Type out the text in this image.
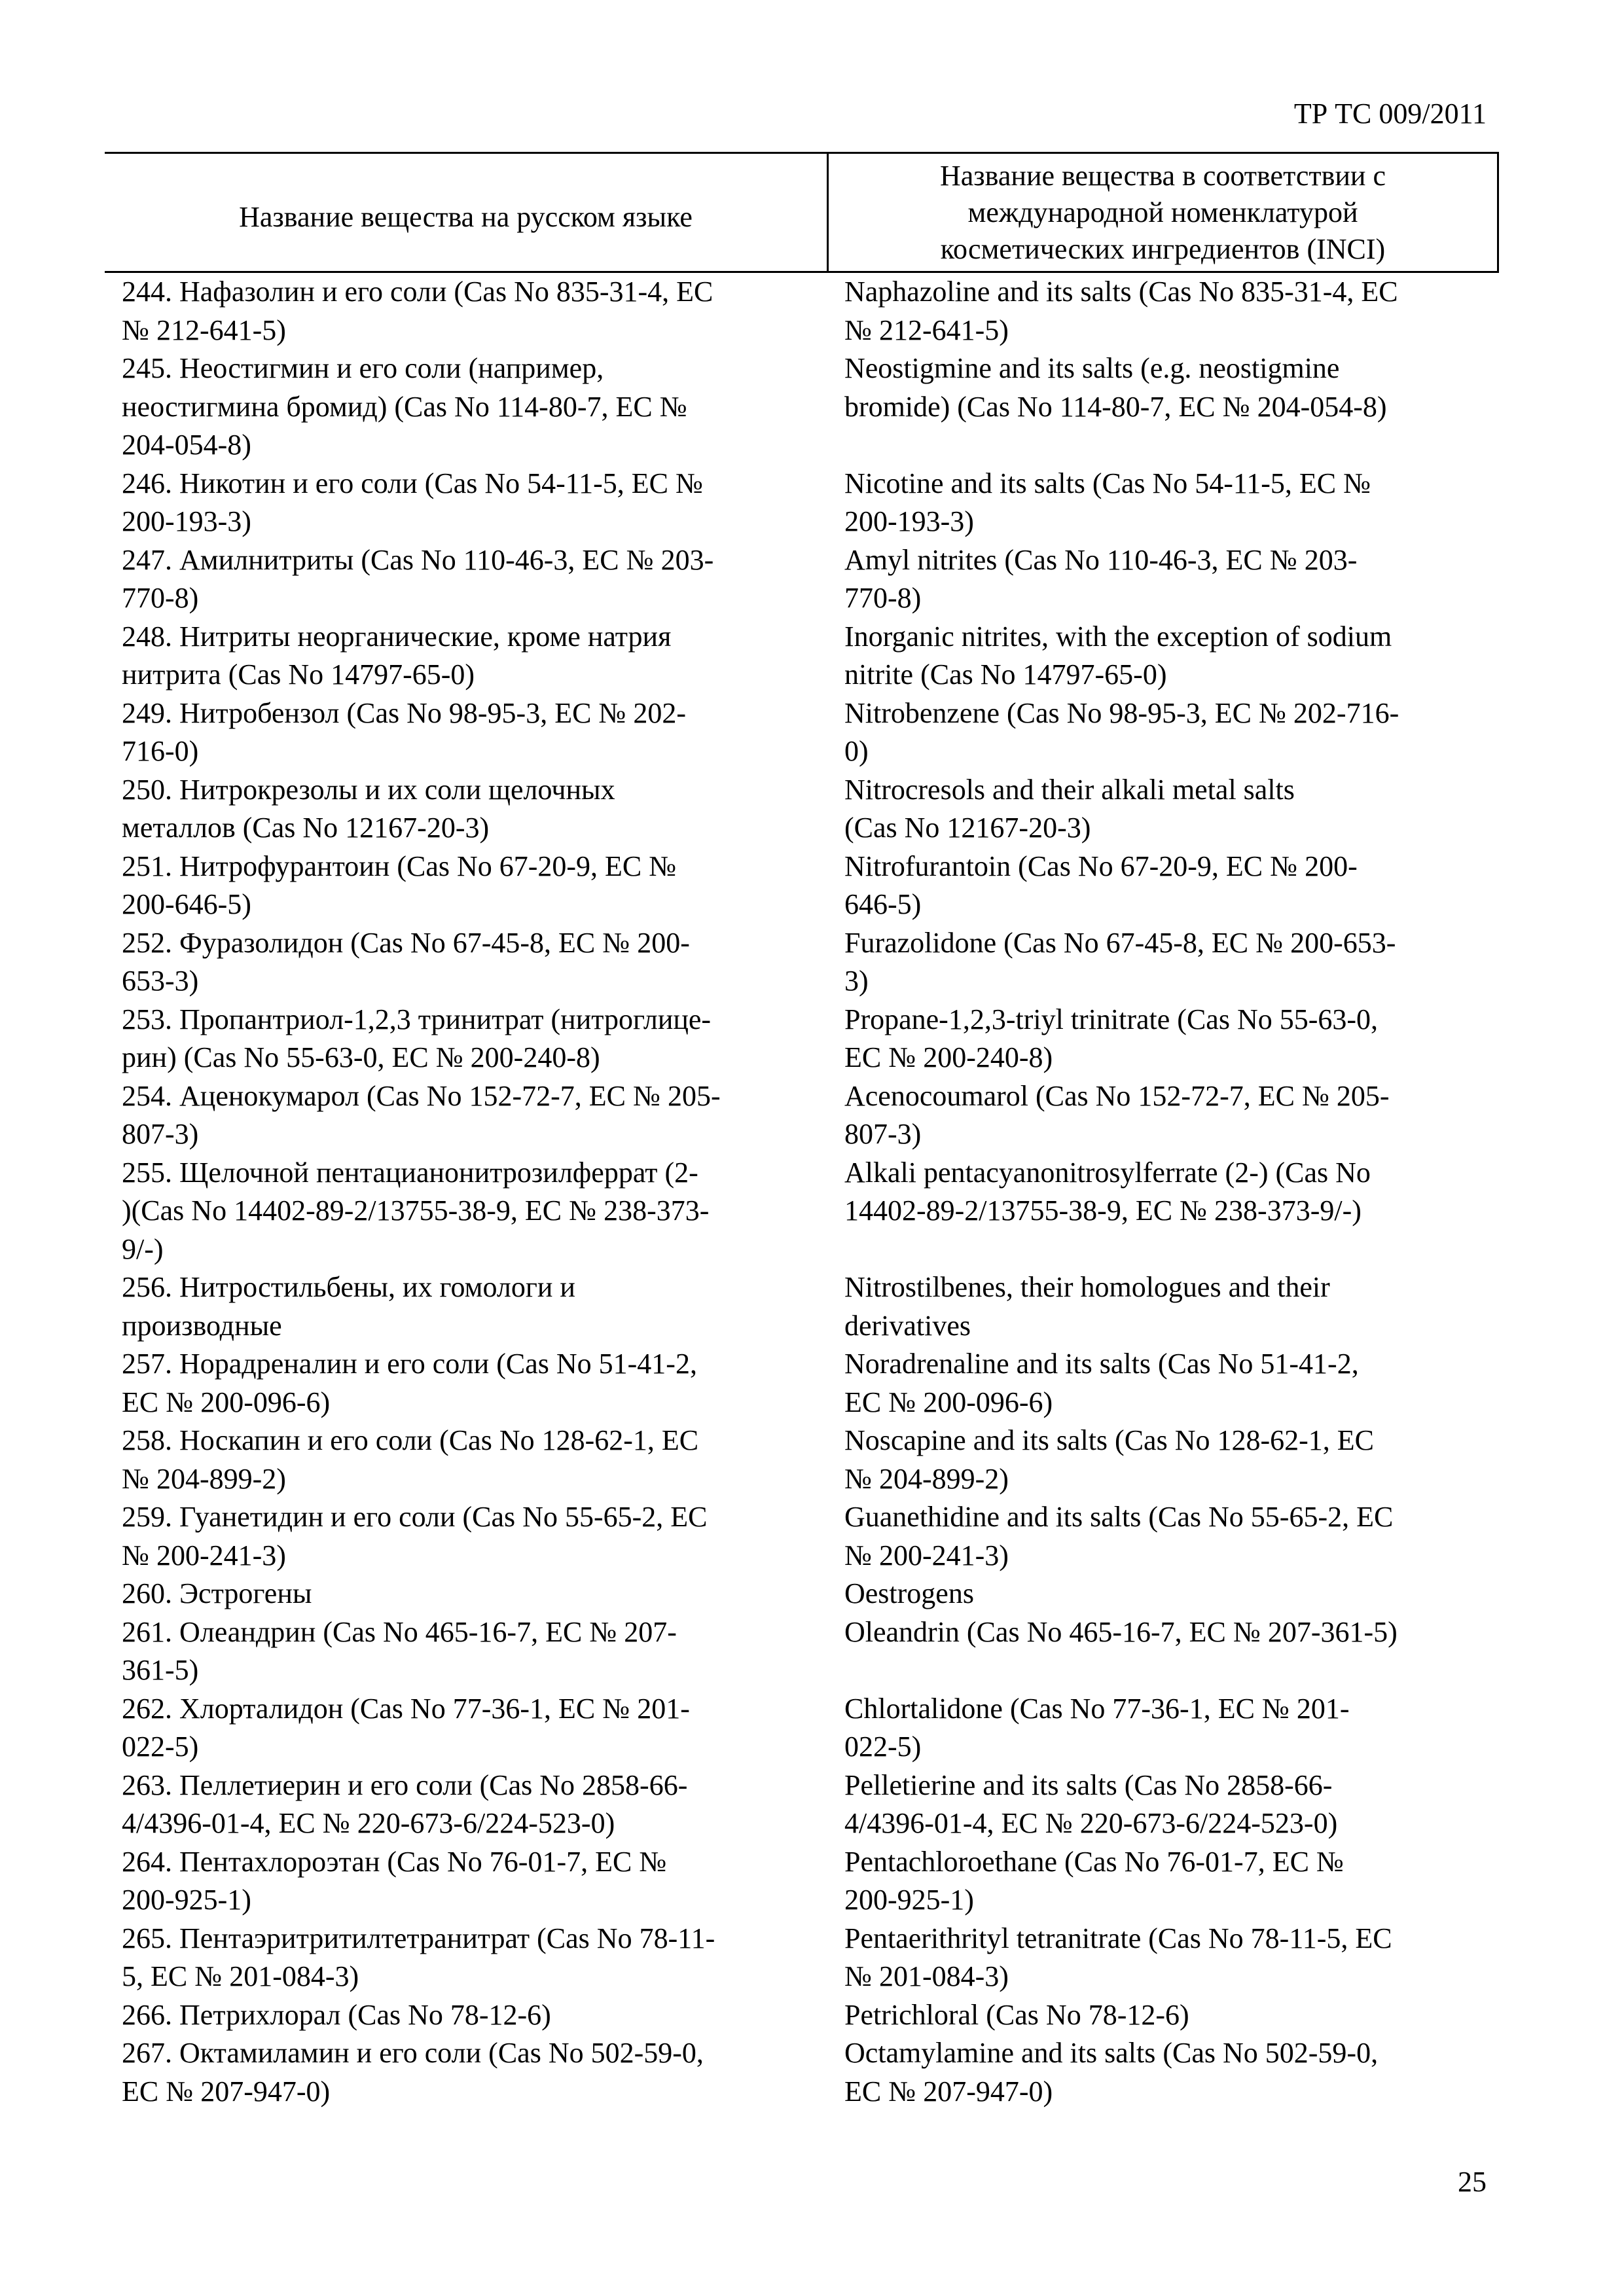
ТР ТС 009/2011
Название вещества на русском языке
Название вещества в соответствии с
международной номенклатурой
косметических ингредиентов (INCI)
244. Нафазолин и его соли (Cas No 835-31-4, ЕС
№ 212-641-5)
Naphazoline and its salts (Cas No 835-31-4, EC
№ 212-641-5)
245. Неостигмин и его соли (например,
неостигмина бромид) (Cas No 114-80-7, ЕС №
204-054-8)
Neostigmine and its salts (e.g. neostigmine
bromide) (Cas No 114-80-7, EC № 204-054-8)
246. Никотин и его соли (Cas No 54-11-5, ЕС №
200-193-3)
Nicotine and its salts (Cas No 54-11-5, EC №
200-193-3)
247. Амилнитриты (Cas No 110-46-3, ЕС № 203-
770-8)
Amyl nitrites (Cas No 110-46-3, EC № 203-
770-8)
248. Нитриты неорганические, кроме натрия
нитрита (Cas No 14797-65-0)
Inorganic nitrites, with the exception of sodium
nitrite (Cas No 14797-65-0)
249. Нитробензол (Cas No 98-95-3, ЕС № 202-
716-0)
Nitrobenzene (Cas No 98-95-3, EC № 202-716-
0)
250. Нитрокрезолы и их соли щелочных
металлов (Cas No 12167-20-3)
Nitrocresols and their alkali metal salts
(Cas No 12167-20-3)
251. Нитрофурантоин (Cas No 67-20-9, ЕС №
200-646-5)
Nitrofurantoin (Cas No 67-20-9, EC № 200-
646-5)
252. Фуразолидон (Cas No 67-45-8, ЕС № 200-
653-3)
Furazolidone (Cas No 67-45-8, EC № 200-653-
3)
253. Пропантриол-1,2,3 тринитрат (нитроглице-
рин) (Cas No 55-63-0, ЕС № 200-240-8)
Propane-1,2,3-triyl trinitrate (Cas No 55-63-0,
EC № 200-240-8)
254. Аценокумарол (Cas No 152-72-7, ЕС № 205-
807-3)
Acenocoumarol (Cas No 152-72-7, EC № 205-
807-3)
255. Щелочной пентацианонитрозилферрат (2-
)(Cas No 14402-89-2/13755-38-9, ЕС № 238-373-
9/-)
Alkali pentacyanonitrosylferrate (2-) (Cas No
14402-89-2/13755-38-9, EC № 238-373-9/-)
256. Нитростильбены, их гомологи и
производные
Nitrostilbenes, their homologues and their
derivatives
257. Норадреналин и его соли (Cas No 51-41-2,
ЕС № 200-096-6)
Noradrenaline and its salts (Cas No 51-41-2,
EC № 200-096-6)
258. Носкапин и его соли (Cas No 128-62-1, ЕС
№ 204-899-2)
Noscapine and its salts (Cas No 128-62-1, EC
№ 204-899-2)
259. Гуанетидин и его соли (Cas No 55-65-2, ЕС
№ 200-241-3)
Guanethidine and its salts (Cas No 55-65-2, EC
№ 200-241-3)
260. Эстрогены	Oestrogens
261. Олеандрин (Cas No 465-16-7, ЕС № 207-
361-5)
Oleandrin (Cas No 465-16-7, EC № 207-361-5)
262. Хлорталидон (Cas No 77-36-1, ЕС № 201-
022-5)
Chlortalidone (Cas No 77-36-1, EC № 201-
022-5)
263. Пеллетиерин и его соли (Cas No 2858-66-
4/4396-01-4, ЕС № 220-673-6/224-523-0)
Pelletierine and its salts (Cas No 2858-66-
4/4396-01-4, EC № 220-673-6/224-523-0)
264. Пентахлороэтан (Cas No 76-01-7, ЕС №
200-925-1)
Pentachloroethane (Cas No 76-01-7, EC №
200-925-1)
265. Пентаэритритилтетранитрат (Cas No 78-11-
5, ЕС № 201-084-3)
Pentaerithrityl tetranitrate (Cas No 78-11-5, EC
№ 201-084-3)
266. Петрихлорал (Cas No 78-12-6)	Petrichloral (Cas No 78-12-6)
267. Октамиламин и его соли (Cas No 502-59-0,
ЕС № 207-947-0)
Octamylamine and its salts (Cas No 502-59-0,
EC № 207-947-0)
25
